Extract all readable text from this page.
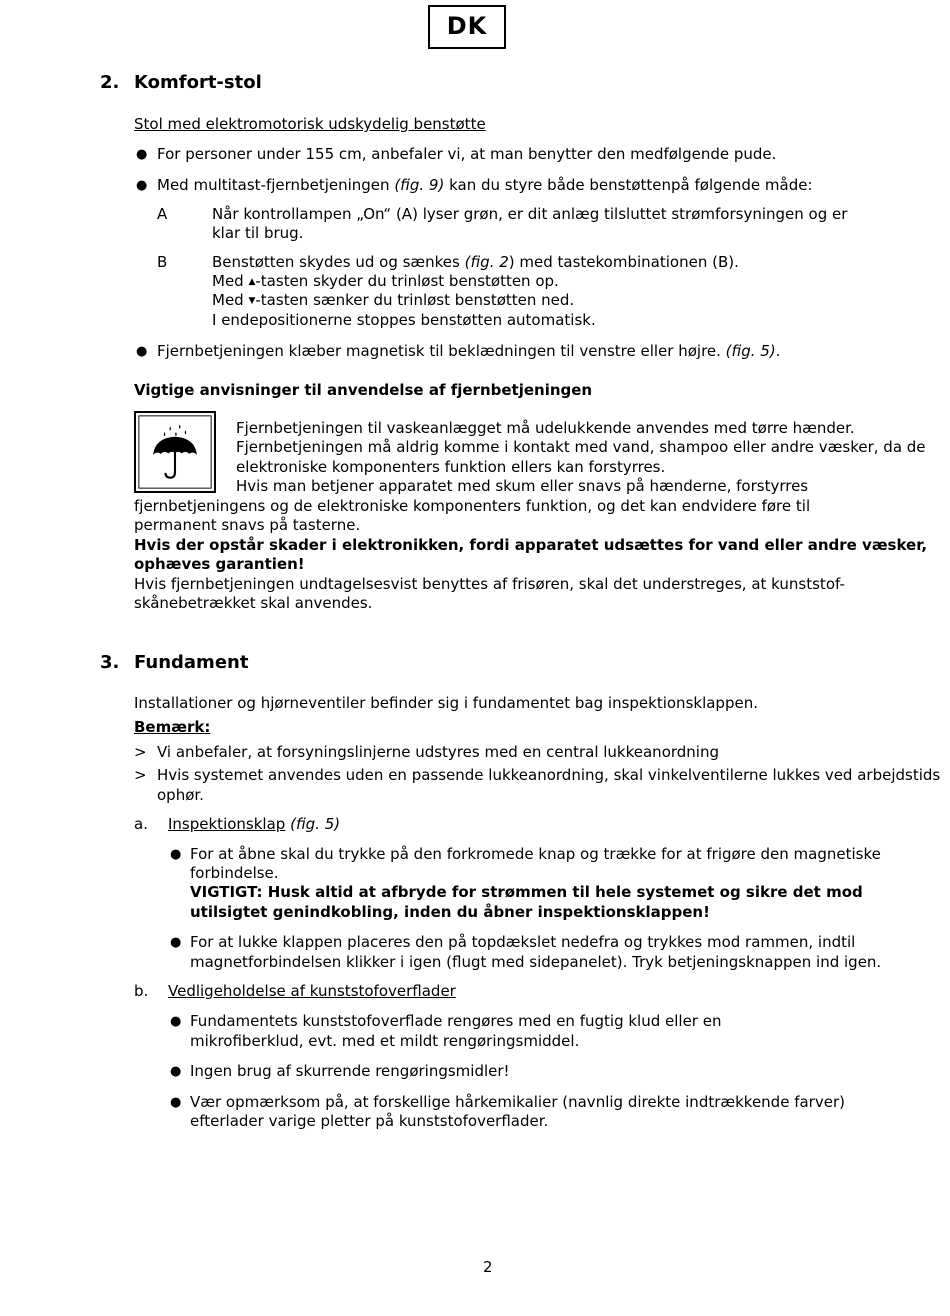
DK
2. Komfort-stol
Stol med elektromotorisk udskydelig benstøtte
● For personer under 155 cm, anbefaler vi, at man benytter den medfølgende pude.
● Med multitast-fjernbetjeningen (fig. 9) kan du styre både benstøttenpå følgende måde:
A	Når kontrollampen „On“ (A) lyser grøn, er dit anlæg tilsluttet strømforsyningen og er
klar til brug.
B	Benstøtten skydes ud og sænkes (fig. 2) med tastekombinationen (B).
Med ▲-tasten skyder du trinløst benstøtten op.
Med ▼-tasten sænker du trinløst benstøtten ned.
I endepositionerne stoppes benstøtten automatisk.
● Fjernbetjeningen klæber magnetisk til beklædningen til venstre eller højre. (fig. 5).
Vigtige anvisninger til anvendelse af fjernbetjeningen
Fjernbetjeningen til vaskeanlægget må udelukkende anvendes med tørre hænder.
Fjernbetjeningen må aldrig komme i kontakt med vand, shampoo eller andre væsker, da de
elektroniske komponenters funktion ellers kan forstyrres.
Hvis man betjener apparatet med skum eller snavs på hænderne, forstyrres
fjernbetjeningens og de elektroniske komponenters funktion, og det kan endvidere føre til
permanent snavs på tasterne.
Hvis der opstår skader i elektronikken, fordi apparatet udsættes for vand eller andre væsker,
ophæves garantien!
Hvis fjernbetjeningen undtagelsesvist benyttes af frisøren, skal det understreges, at kunststof-
skånebetrækket skal anvendes.
3. Fundament
Installationer og hjørneventiler befinder sig i fundamentet bag inspektionsklappen.
Bemærk:
> Vi anbefaler, at forsyningslinjerne udstyres med en central lukkeanordning
> Hvis systemet anvendes uden en passende lukkeanordning, skal vinkelventilerne lukkes ved arbejdstids
ophør.
a. Inspektionsklap (fig. 5)
● For at åbne skal du trykke på den forkromede knap og trække for at frigøre den magnetiske
forbindelse.
VIGTIGT: Husk altid at afbryde for strømmen til hele systemet og sikre det mod
utilsigtet genindkobling, inden du åbner inspektionsklappen!
● For at lukke klappen placeres den på topdækslet nedefra og trykkes mod rammen, indtil
magnetforbindelsen klikker i igen (flugt med sidepanelet). Tryk betjeningsknappen ind igen.
b. Vedligeholdelse af kunststofoverflader
● Fundamentets kunststofoverflade rengøres med en fugtig klud eller en
mikrofiberklud, evt. med et mildt rengøringsmiddel.
● Ingen brug af skurrende rengøringsmidler!
● Vær opmærksom på, at forskellige hårkemikalier (navnlig direkte indtrækkende farver)
efterlader varige pletter på kunststofoverflader.
2
